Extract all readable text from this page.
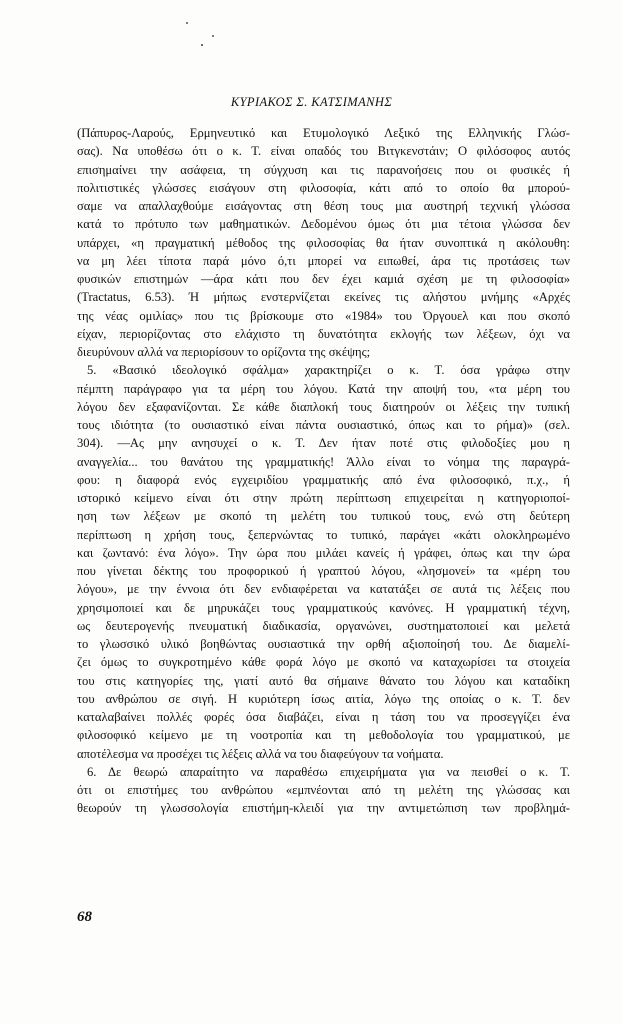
ΚΥΡΙΑΚΟΣ Σ. ΚΑΤΣΙΜΑΝΗΣ

(Πάπυρος-Λαρούς, Ερμηνευτικό και Ετυμολογικό Λεξικό της Ελληνικής Γλώσ-

σας). Να υποθέσω ότι ο κ. Τ. είναι οπαδός του Βιτγκενστάιν; Ο φιλόσοφος αυτός

επισημαίνει την ασάφεια, τη σύγχυση και τις παρανοήσεις που οι φυσικές ή

πολιτιστικές γλώσσες εισάγουν στη φιλοσοφία, κάτι από το οποίο θα μπορού-

σαμε να απαλλαχθούμε εισάγοντας στη θέση τους μια αυστηρή τεχνική γλώσσα

κατά το πρότυπο των μαθηματικών. Δεδομένου όμως ότι μια τέτοια γλώσσα δεν

υπάρχει, «η πραγματική μέθοδος της φιλοσοφίας θα ήταν συνοπτικά η ακόλουθη:

να μη λέει τίποτα παρά μόνο ό,τι μπορεί να ειπωθεί, άρα τις προτάσεις των

φυσικών επιστημών —άρα κάτι που δεν έχει καμιά σχέση με τη φιλοσοφία»

(Tractatus, 6.53). Ή μήπως ενστερνίζεται εκείνες τις αλήστου μνήμης «Αρχές

της νέας ομιλίας» που τις βρίσκουμε στο «1984» του Όργουελ και που σκοπό

είχαν, περιορίζοντας στο ελάχιστο τη δυνατότητα εκλογής των λέξεων, όχι να

διευρύνουν αλλά να περιορίσουν το ορίζοντα της σκέψης;

5. «Βασικό ιδεολογικό σφάλμα» χαρακτηρίζει ο κ. Τ. όσα γράφω στην

πέμπτη παράγραφο για τα μέρη του λόγου. Κατά την αποψή του, «τα μέρη του

λόγου δεν εξαφανίζονται. Σε κάθε διαπλοκή τους διατηρούν οι λέξεις την τυπική

τους ιδιότητα (το ουσιαστικό είναι πάντα ουσιαστικό, όπως και το ρήμα)» (σελ.

304). —Ας μην ανησυχεί ο κ. Τ. Δεν ήταν ποτέ στις φιλοδοξίες μου η

αναγγελία... του θανάτου της γραμματικής! Άλλο είναι το νόημα της παραγρά-

φου: η διαφορά ενός εγχειριδίου γραμματικής από ένα φιλοσοφικό, π.χ., ή

ιστορικό κείμενο είναι ότι στην πρώτη περίπτωση επιχειρείται η κατηγοριοποί-

ηση των λέξεων με σκοπό τη μελέτη του τυπικού τους, ενώ στη δεύτερη

περίπτωση η χρήση τους, ξεπερνώντας το τυπικό, παράγει «κάτι ολοκληρωμένο

και ζωντανό: ένα λόγο». Την ώρα που μιλάει κανείς ή γράφει, όπως και την ώρα

που γίνεται δέκτης του προφορικού ή γραπτού λόγου, «λησμονεί» τα «μέρη του

λόγου», με την έννοια ότι δεν ενδιαφέρεται να κατατάξει σε αυτά τις λέξεις που

χρησιμοποιεί και δε μηρυκάζει τους γραμματικούς κανόνες. Η γραμματική τέχνη,

ως δευτερογενής πνευματική διαδικασία, οργανώνει, συστηματοποιεί και μελετά

το γλωσσικό υλικό βοηθώντας ουσιαστικά την ορθή αξιοποίησή του. Δε διαμελί-

ζει όμως το συγκροτημένο κάθε φορά λόγο με σκοπό να καταχωρίσει τα στοιχεία

του στις κατηγορίες της, γιατί αυτό θα σήμαινε θάνατο του λόγου και καταδίκη

του ανθρώπου σε σιγή. Η κυριότερη ίσως αιτία, λόγω της οποίας ο κ. Τ. δεν

καταλαβαίνει πολλές φορές όσα διαβάζει, είναι η τάση του να προσεγγίζει ένα

φιλοσοφικό κείμενο με τη νοοτροπία και τη μεθοδολογία του γραμματικού, με

αποτέλεσμα να προσέχει τις λέξεις αλλά να του διαφεύγουν τα νοήματα.

6. Δε θεωρώ απαραίτητο να παραθέσω επιχειρήματα για να πεισθεί ο κ. Τ.

ότι οι επιστήμες του ανθρώπου «εμπνέονται από τη μελέτη της γλώσσας και

θεωρούν τη γλωσσολογία επιστήμη-κλειδί για την αντιμετώπιση των προβλημά-

68
